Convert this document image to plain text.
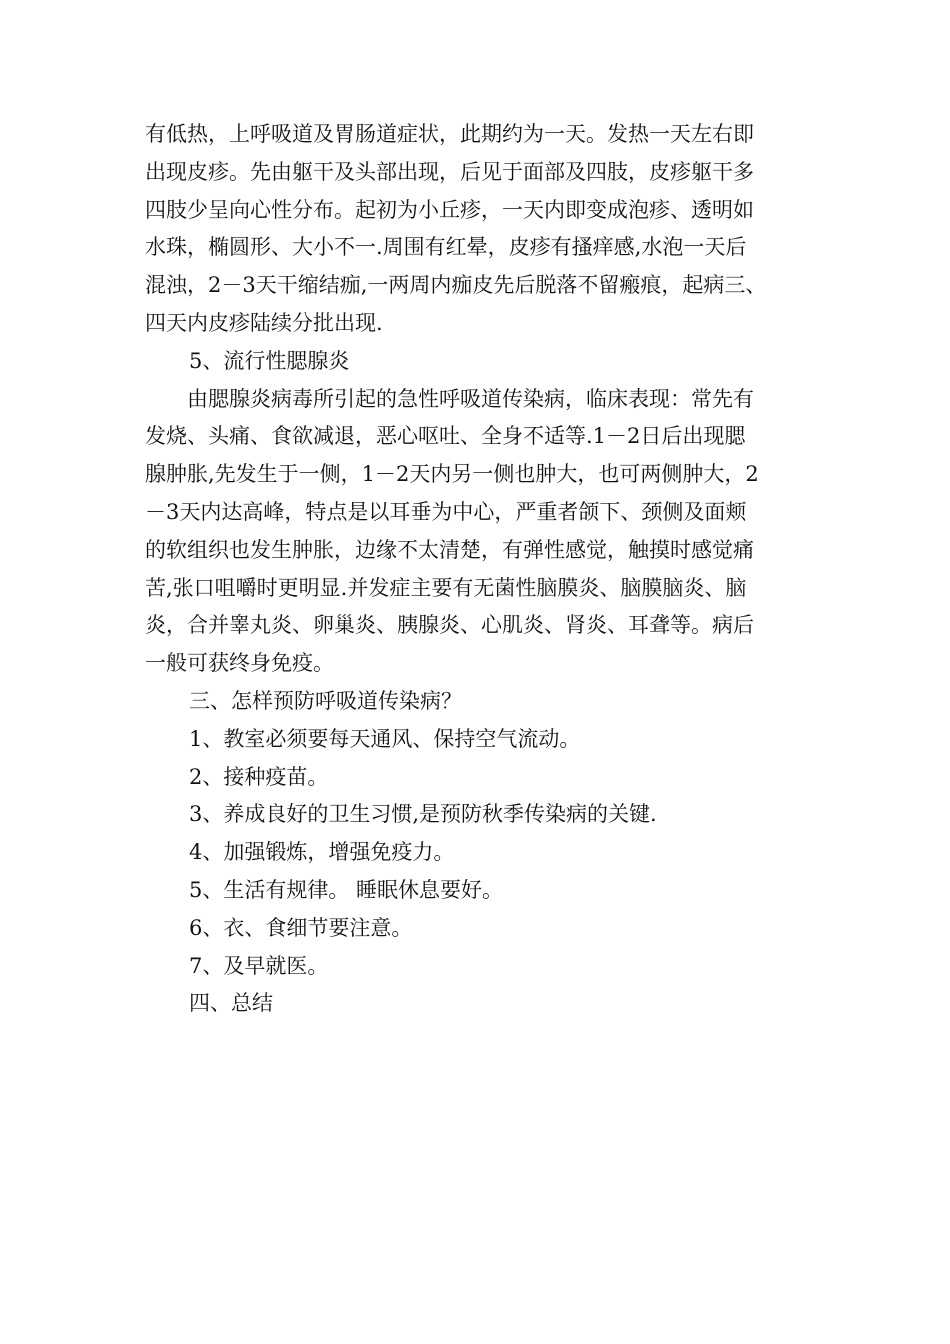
有低热，上呼吸道及胃肠道症状，此期约为一天。发热一天左右即
出现皮疹。先由躯干及头部出现，后见于面部及四肢，皮疹躯干多
四肢少呈向心性分布。起初为小丘疹，一天内即变成泡疹、透明如
水珠，椭圆形、大小不一.周围有红晕，皮疹有搔痒感,水泡一天后
混浊，2－3天干缩结痂,一两周内痂皮先后脱落不留瘢痕，起病三、
四天内皮疹陆续分批出现.
5、流行性腮腺炎
由腮腺炎病毒所引起的急性呼吸道传染病，临床表现：常先有
发烧、头痛、食欲减退，恶心呕吐、全身不适等.1－2日后出现腮
腺肿胀,先发生于一侧，1－2天内另一侧也肿大，也可两侧肿大，2
－3天内达高峰，特点是以耳垂为中心，严重者颌下、颈侧及面颊
的软组织也发生肿胀，边缘不太清楚，有弹性感觉，触摸时感觉痛
苦,张口咀嚼时更明显.并发症主要有无菌性脑膜炎、脑膜脑炎、脑
炎，合并睾丸炎、卵巢炎、胰腺炎、心肌炎、肾炎、耳聋等。病后
一般可获终身免疫。
三、怎样预防呼吸道传染病？
1、教室必须要每天通风、保持空气流动。
2、接种疫苗。
3、养成良好的卫生习惯,是预防秋季传染病的关键.
4、加强锻炼，增强免疫力。
5、生活有规律。 睡眠休息要好。
6、衣、食细节要注意。
7、及早就医。
四、总结
